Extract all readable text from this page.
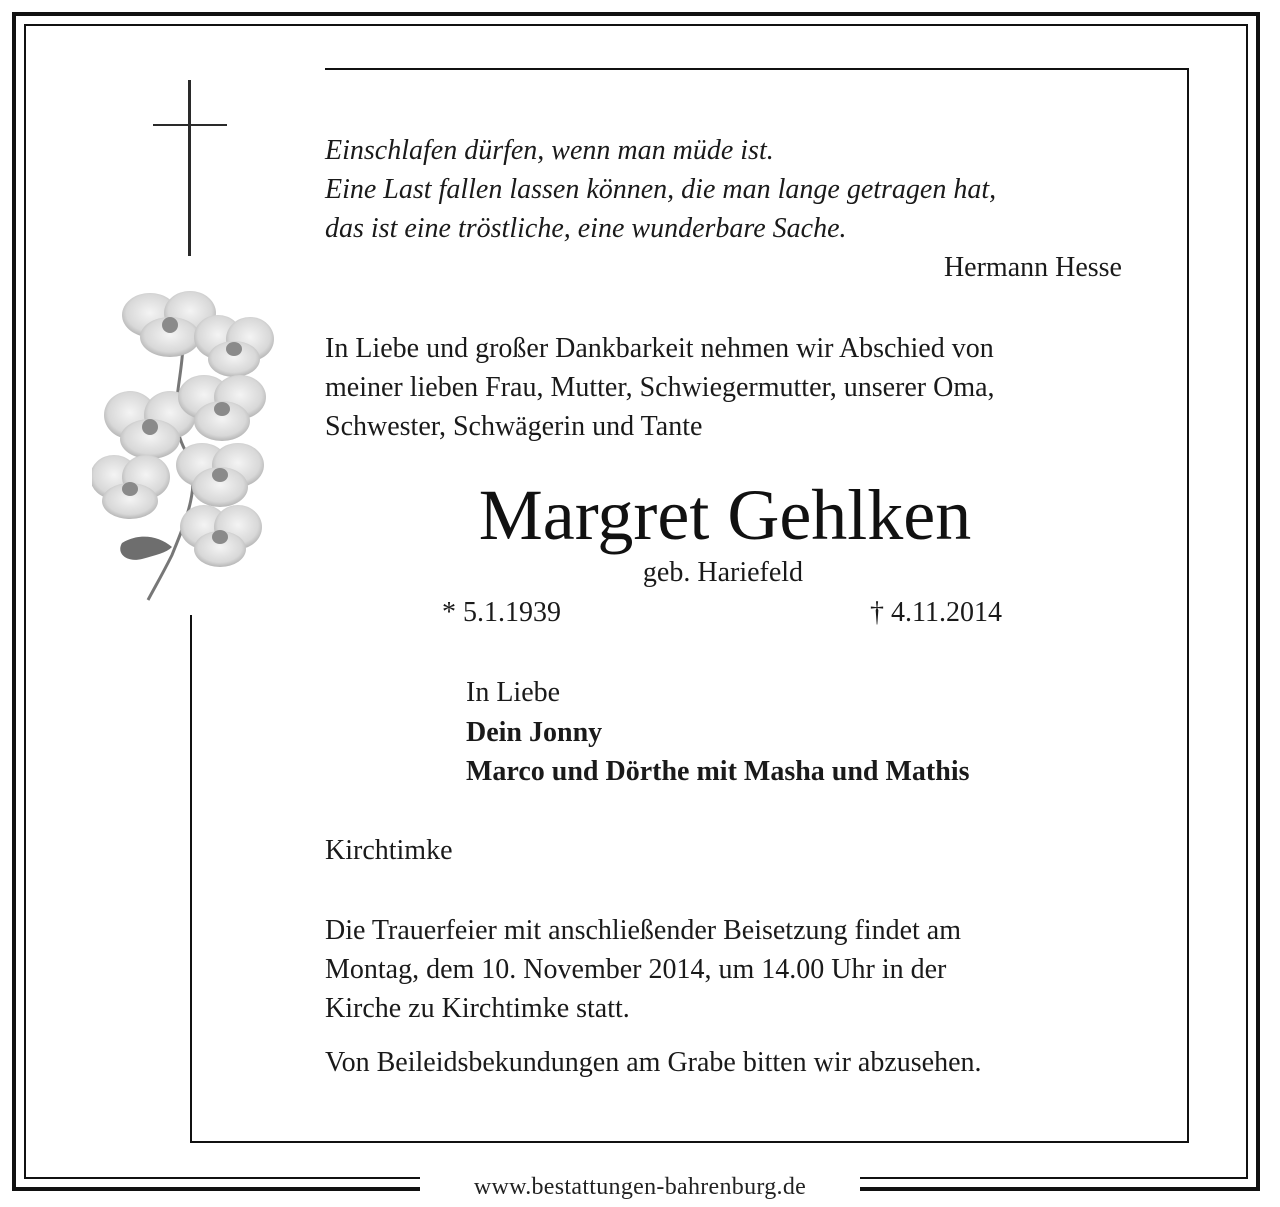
www.bestattungen-bahrenburg.de
Einschlafen dürfen, wenn man müde ist.
Eine Last fallen lassen können, die man lange getragen hat,
das ist eine tröstliche, eine wunderbare Sache.
Hermann Hesse
In Liebe und großer Dankbarkeit nehmen wir Abschied von
meiner lieben Frau, Mutter, Schwiegermutter, unserer Oma,
Schwester, Schwägerin und Tante
Margret Gehlken
geb. Hariefeld
* 5.1.1939	† 4.11.2014
In Liebe
Dein Jonny
Marco und Dörthe mit Masha und Mathis
Kirchtimke
Die Trauerfeier mit anschließender Beisetzung findet am
Montag, dem 10. November 2014, um 14.00 Uhr in der
Kirche zu Kirchtimke statt.
Von Beileidsbekundungen am Grabe bitten wir abzusehen.
